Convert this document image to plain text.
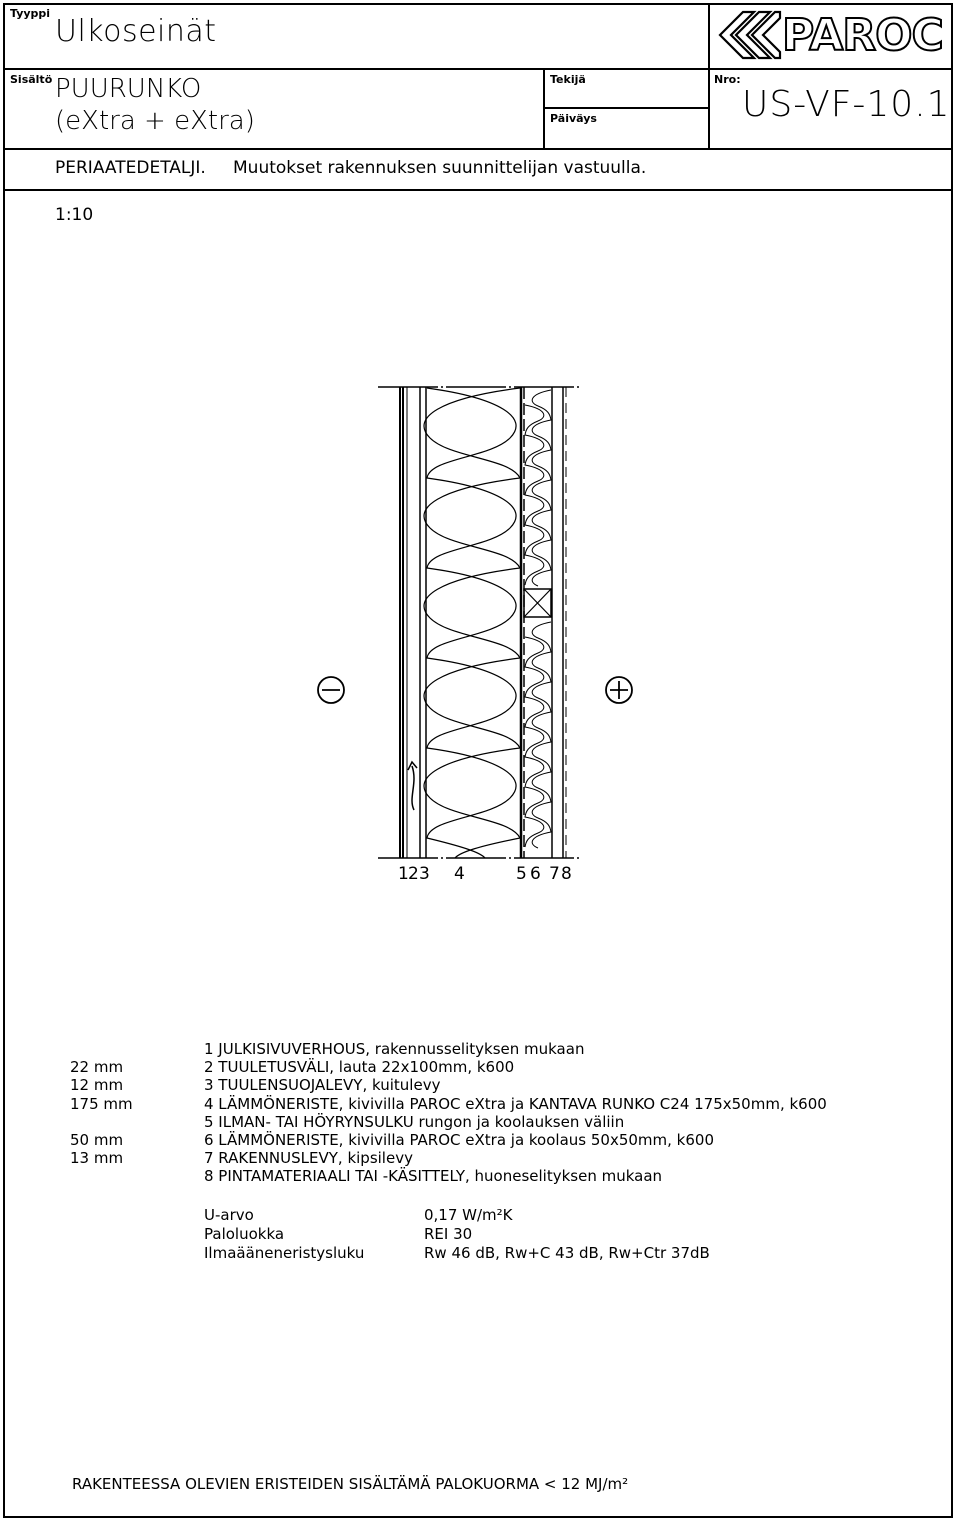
Tyyppi
Ulkoseinät
Sisältö PUURUNKO
(eXtra + eXtra)
Tekijä
Päiväys
Nro:
US-VF-10.1
PAROC
PERIAATEDETALJI. Muutokset rakennuksen suunnittelijan vastuulla.
1:10
1 2 3 4	5 6 7 8
1 JULKISIVUVERHOUS, rakennusselityksen mukaan
22 mm	2 TUULETUSVÄLI, lauta 22x100mm, k600
12 mm	3 TUULENSUOJALEVY, kuitulevy
175 mm	4 LÄMMÖNERISTE, kivivilla PAROC eXtra ja KANTAVA RUNKO C24 175x50mm, k600
5 ILMAN- TAI HÖYRYNSULKU rungon ja koolauksen väliin
50 mm	6 LÄMMÖNERISTE, kivivilla PAROC eXtra ja koolaus 50x50mm, k600
13 mm	7 RAKENNUSLEVY, kipsilevy
8 PINTAMATERIAALI TAI -KÄSITTELY, huoneselityksen mukaan
U-arvo	0,17 W/m²K
Paloluokka	REI 30
Ilmaääneneristysluku	Rw 46 dB, Rw+C 43 dB, Rw+Ctr 37dB
RAKENTEESSA OLEVIEN ERISTEIDEN SISÄLTÄMÄ PALOKUORMA < 12 MJ/m²
